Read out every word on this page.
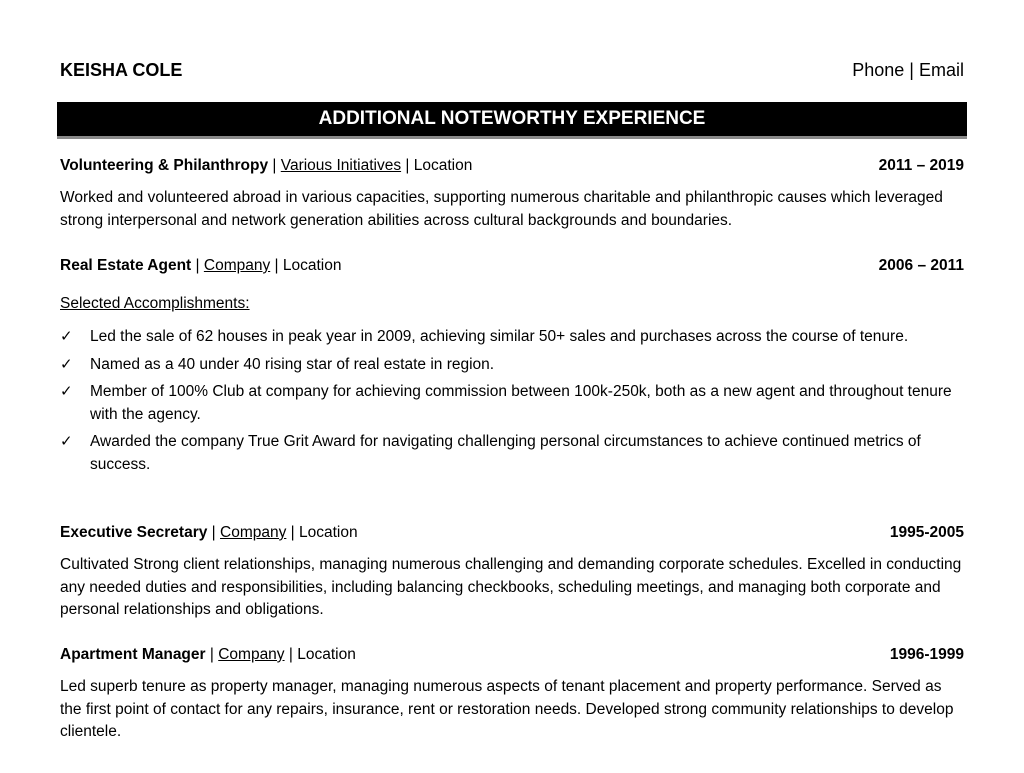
KEISHA COLE	Phone | Email
ADDITIONAL NOTEWORTHY EXPERIENCE
Volunteering & Philanthropy | Various Initiatives | Location	2011 – 2019
Worked and volunteered abroad in various capacities, supporting numerous charitable and philanthropic causes which leveraged strong interpersonal and network generation abilities across cultural backgrounds and boundaries.
Real Estate Agent | Company | Location	2006 – 2011
Selected Accomplishments:
✓ Led the sale of 62 houses in peak year in 2009, achieving similar 50+ sales and purchases across the course of tenure.
✓ Named as a 40 under 40 rising star of real estate in region.
✓ Member of 100% Club at company for achieving commission between 100k-250k, both as a new agent and throughout tenure with the agency.
✓ Awarded the company True Grit Award for navigating challenging personal circumstances to achieve continued metrics of success.
Executive Secretary | Company | Location	1995-2005
Cultivated Strong client relationships, managing numerous challenging and demanding corporate schedules. Excelled in conducting any needed duties and responsibilities, including balancing checkbooks, scheduling meetings, and managing both corporate and personal relationships and obligations.
Apartment Manager | Company | Location	1996-1999
Led superb tenure as property manager, managing numerous aspects of tenant placement and property performance. Served as the first point of contact for any repairs, insurance, rent or restoration needs. Developed strong community relationships to develop clientele.
